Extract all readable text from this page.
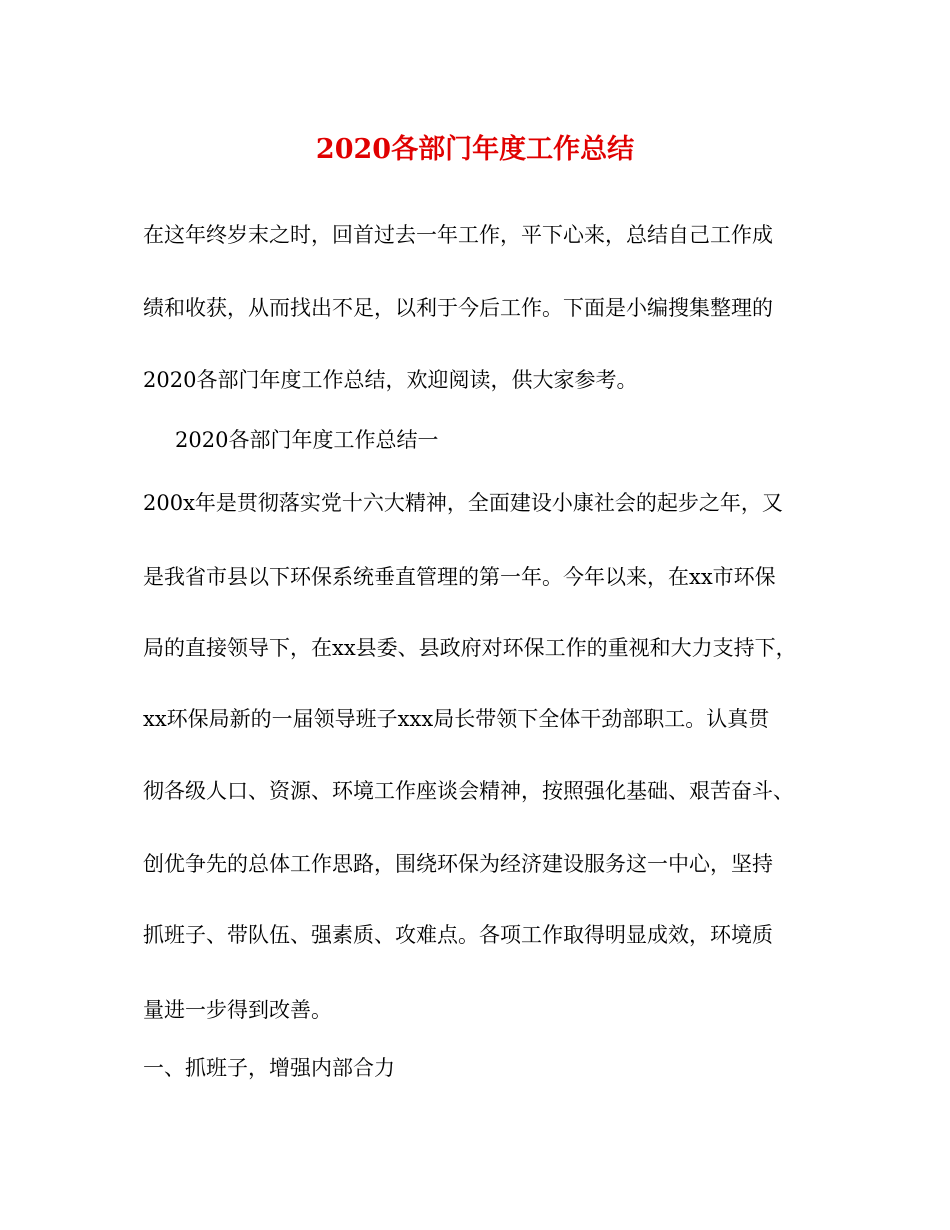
2020各部门年度工作总结
在这年终岁末之时，回首过去一年工作，平下心来，总结自己工作成
绩和收获，从而找出不足，以利于今后工作。下面是小编搜集整理的
2020各部门年度工作总结，欢迎阅读，供大家参考。
2020各部门年度工作总结一
200x年是贯彻落实党十六大精神，全面建设小康社会的起步之年，又
是我省市县以下环保系统垂直管理的第一年。今年以来，在xx市环保
局的直接领导下，在xx县委、县政府对环保工作的重视和大力支持下，
xx环保局新的一届领导班子xxx局长带领下全体干劲部职工。认真贯
彻各级人口、资源、环境工作座谈会精神，按照强化基础、艰苦奋斗、
创优争先的总体工作思路，围绕环保为经济建设服务这一中心，坚持
抓班子、带队伍、强素质、攻难点。各项工作取得明显成效，环境质
量进一步得到改善。
一、抓班子，增强内部合力
